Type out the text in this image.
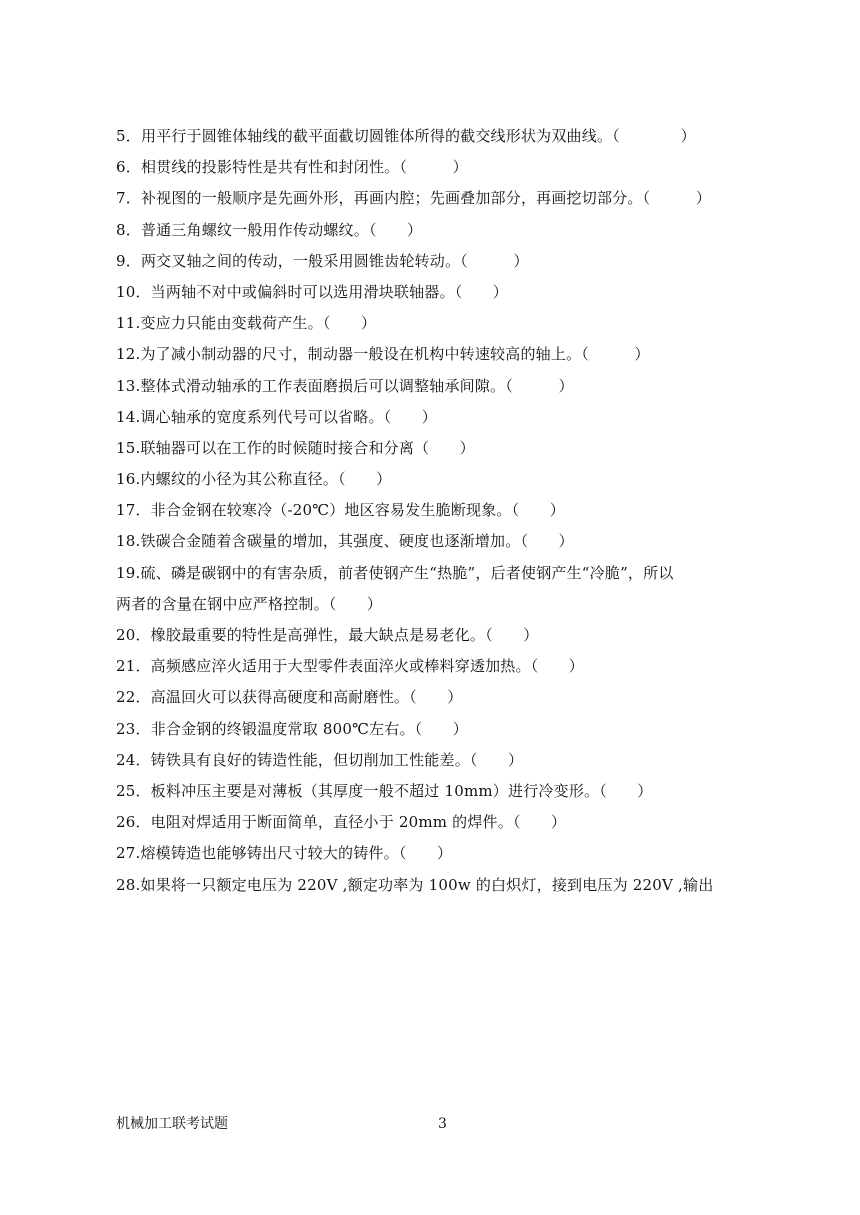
5．用平行于圆锥体轴线的截平面截切圆锥体所得的截交线形状为双曲线。（　　　　）
6．相贯线的投影特性是共有性和封闭性。（　　　）
7．补视图的一般顺序是先画外形，再画内腔；先画叠加部分，再画挖切部分。（　　　）
8．普通三角螺纹一般用作传动螺纹。（　　）
9．两交叉轴之间的传动，一般采用圆锥齿轮转动。（　　　）
10．当两轴不对中或偏斜时可以选用滑块联轴器。（　　）
11.变应力只能由变载荷产生。（　　）
12.为了减小制动器的尺寸，制动器一般设在机构中转速较高的轴上。（　　　）
13.整体式滑动轴承的工作表面磨损后可以调整轴承间隙。（　　　）
14.调心轴承的宽度系列代号可以省略。（　　）
15.联轴器可以在工作的时候随时接合和分离（　　）
16.内螺纹的小径为其公称直径。（　　）
17．非合金钢在较寒冷（-20℃）地区容易发生脆断现象。（　　）
18.铁碳合金随着含碳量的增加，其强度、硬度也逐渐增加。（　　）
19.硫、磷是碳钢中的有害杂质，前者使钢产生“热脆”，后者使钢产生“冷脆”，所以
两者的含量在钢中应严格控制。（　　）
20．橡胶最重要的特性是高弹性，最大缺点是易老化。（　　）
21．高频感应淬火适用于大型零件表面淬火或棒料穿透加热。（　　）
22．高温回火可以获得高硬度和高耐磨性。（　　）
23．非合金钢的终锻温度常取 800℃左右。（　　）
24．铸铁具有良好的铸造性能，但切削加工性能差。（　　）
25．板料冲压主要是对薄板（其厚度一般不超过 10mm）进行冷变形。（　　）
26．电阻对焊适用于断面简单，直径小于 20mm 的焊件。（　　）
27.熔模铸造也能够铸出尺寸较大的铸件。（　　）
28.如果将一只额定电压为 220V ,额定功率为 100w 的白炽灯，接到电压为 220V ,输出
机械加工联考试题	3
